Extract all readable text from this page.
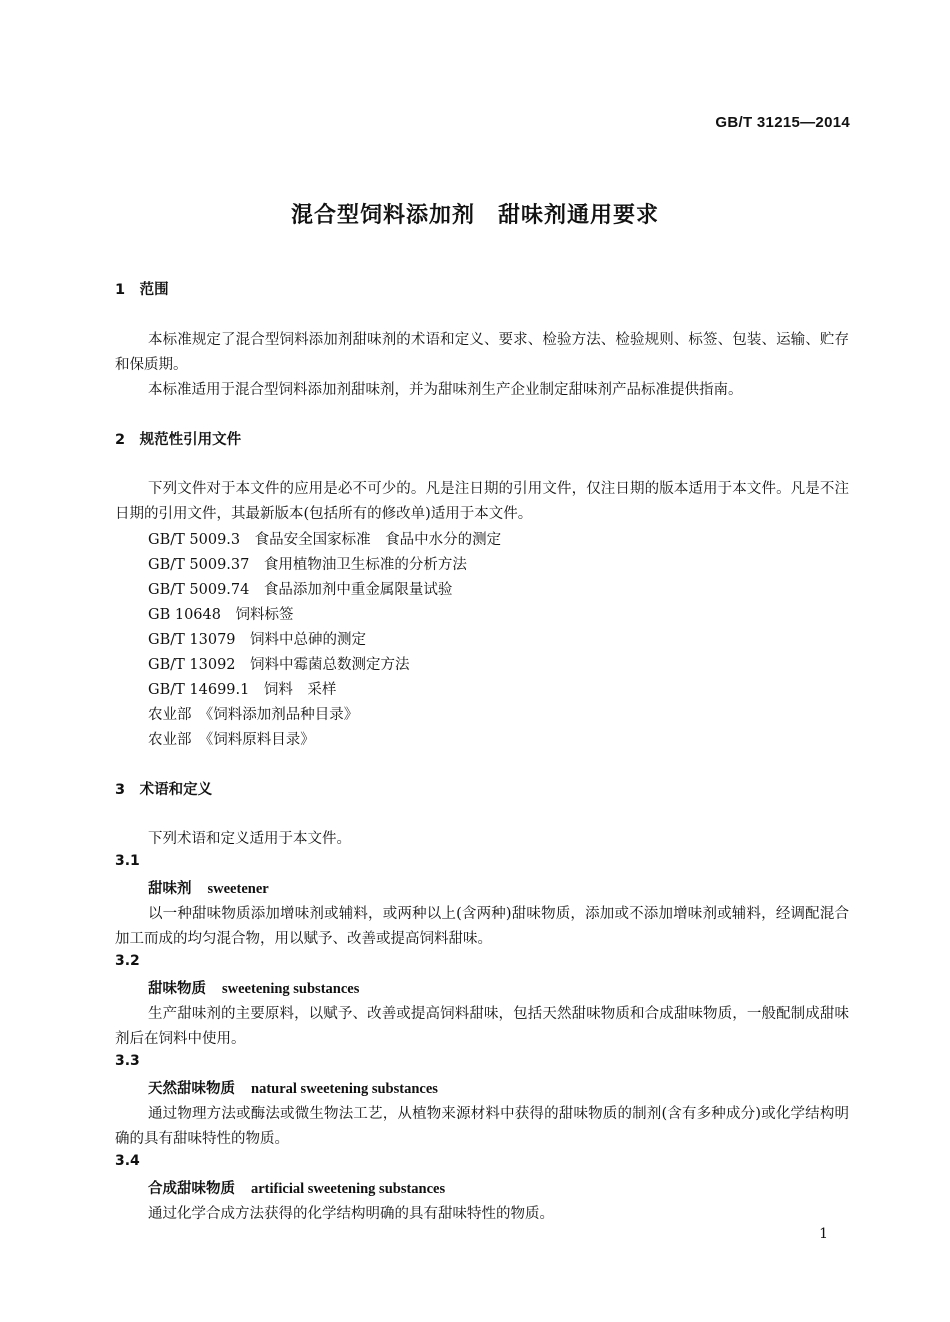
GB/T 31215—2014
混合型饲料添加剂　甜味剂通用要求
1　范围

本标准规定了混合型饲料添加剂甜味剂的术语和定义、要求、检验方法、检验规则、标签、包装、运输、贮存和保质期。

本标准适用于混合型饲料添加剂甜味剂，并为甜味剂生产企业制定甜味剂产品标准提供指南。

2　规范性引用文件

下列文件对于本文件的应用是必不可少的。凡是注日期的引用文件，仅注日期的版本适用于本文件。凡是不注日期的引用文件，其最新版本(包括所有的修改单)适用于本文件。

GB/T 5009.3　食品安全国家标准　食品中水分的测定
GB/T 5009.37　食用植物油卫生标准的分析方法
GB/T 5009.74　食品添加剂中重金属限量试验
GB 10648　饲料标签
GB/T 13079　饲料中总砷的测定
GB/T 13092　饲料中霉菌总数测定方法
GB/T 14699.1　饲料　采样
农业部　《饲料添加剂品种目录》
农业部　《饲料原料目录》
3　术语和定义

下列术语和定义适用于本文件。

3.1
甜味剂 sweetener

以一种甜味物质添加增味剂或辅料，或两种以上(含两种)甜味物质，添加或不添加增味剂或辅料，经调配混合加工而成的均匀混合物，用以赋予、改善或提高饲料甜味。

3.2
甜味物质 sweetening substances

生产甜味剂的主要原料，以赋予、改善或提高饲料甜味，包括天然甜味物质和合成甜味物质，一般配制成甜味剂后在饲料中使用。

3.3
天然甜味物质 natural sweetening substances

通过物理方法或酶法或微生物法工艺，从植物来源材料中获得的甜味物质的制剂(含有多种成分)或化学结构明确的具有甜味特性的物质。

3.4
合成甜味物质 artificial sweetening substances

通过化学合成方法获得的化学结构明确的具有甜味特性的物质。

1
